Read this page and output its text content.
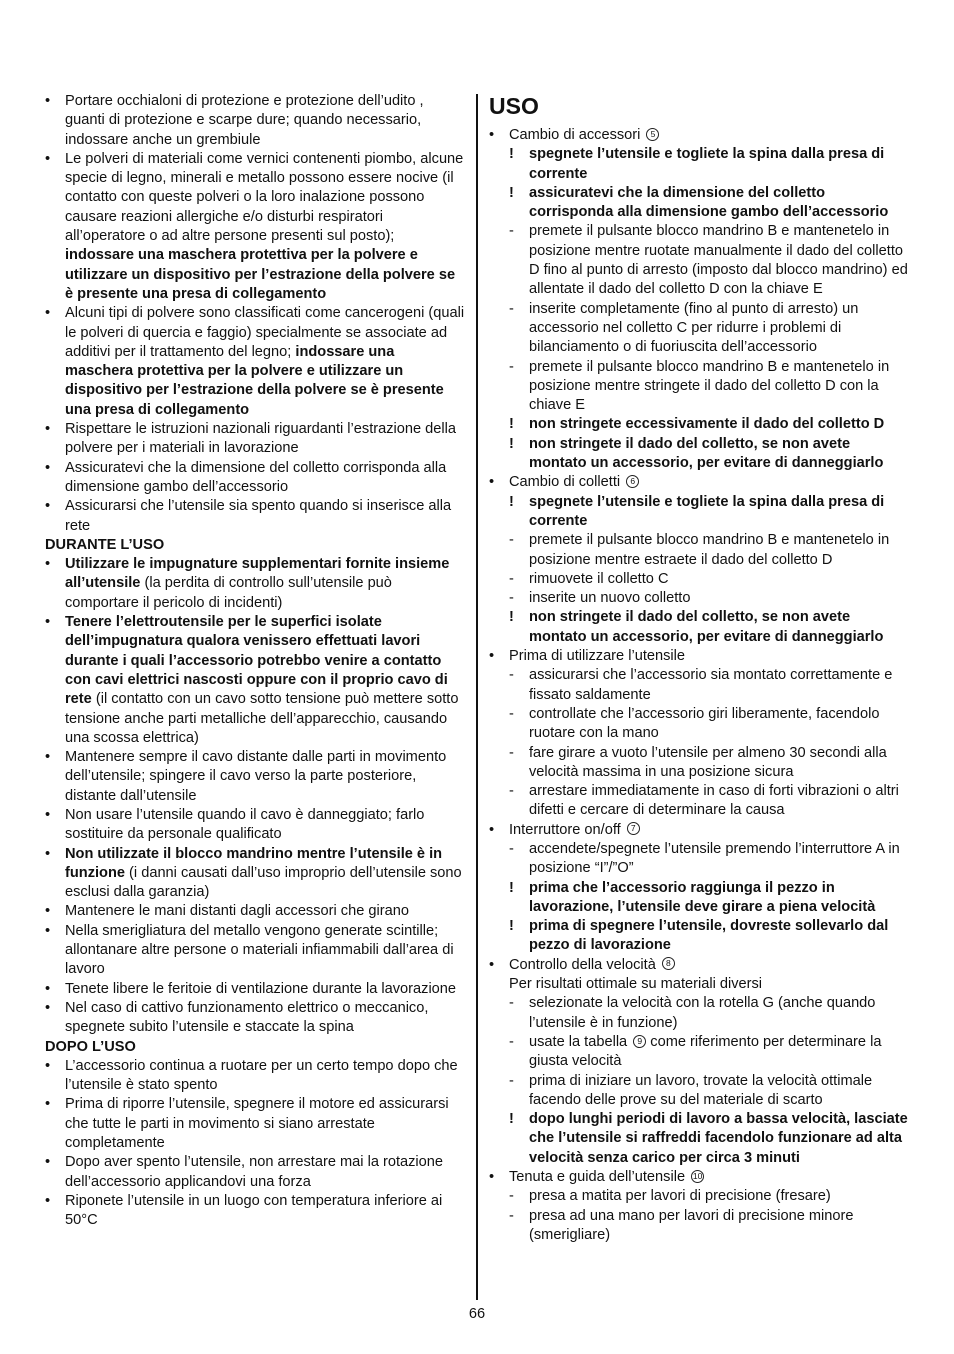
• Portare occhialoni di protezione e protezione dell’udito , guanti di protezione e scarpe dure; quando necessario, indossare anche un grembiule
• Le polveri di materiali come vernici contenenti piombo, alcune specie di legno, minerali e metallo possono essere nocive (il contatto con queste polveri o la loro inalazione possono causare reazioni allergiche e/o disturbi respiratori all’operatore o ad altre persone presenti sul posto); indossare una maschera protettiva per la polvere e utilizzare un dispositivo per l’estrazione della polvere se è presente una presa di collegamento
• Alcuni tipi di polvere sono classificati come cancerogeni (quali le polveri di quercia e faggio) specialmente se associate ad additivi per il trattamento del legno; indossare una maschera protettiva per la polvere e utilizzare un dispositivo per l’estrazione della polvere se è presente una presa di collegamento
• Rispettare le istruzioni nazionali riguardanti l’estrazione della polvere per i materiali in lavorazione
• Assicuratevi che la dimensione del colletto corrisponda alla dimensione gambo dell’accessorio
• Assicurarsi che l’utensile sia spento quando si inserisce alla rete
DURANTE L’USO
• Utilizzare le impugnature supplementari fornite insieme all’utensile (la perdita di controllo sull’utensile può comportare il pericolo di incidenti)
• Tenere l’elettroutensile per le superfici isolate dell’impugnatura qualora venissero effettuati lavori durante i quali l’accessorio potrebbo venire a contatto con cavi elettrici nascosti oppure con il proprio cavo di rete (il contatto con un cavo sotto tensione può mettere sotto tensione anche parti metalliche dell’apparecchio, causando una scossa elettrica)
• Mantenere sempre il cavo distante dalle parti in movimento dell’utensile; spingere il cavo verso la parte posteriore, distante dall’utensile
• Non usare l’utensile quando il cavo è danneggiato; farlo sostituire da personale qualificato
• Non utilizzate il blocco mandrino mentre l’utensile è in funzione (i danni causati dall’uso improprio dell’utensile sono esclusi dalla garanzia)
• Mantenere le mani distanti dagli accessori che girano
• Nella smerigliatura del metallo vengono generate scintille; allontanare altre persone o materiali infiammabili dall’area di lavoro
• Tenete libere le feritoie di ventilazione durante la lavorazione
• Nel caso di cattivo funzionamento elettrico o meccanico, spegnete subito l’utensile e staccate la spina
DOPO L’USO
• L’accessorio continua a ruotare per un certo tempo dopo che l’utensile è stato spento
• Prima di riporre l’utensile, spegnere il motore ed assicurarsi che tutte le parti in movimento si siano arrestate completamente
• Dopo aver spento l’utensile, non arrestare mai la rotazione dell’accessorio applicandovi una forza
• Riponete l’utensile in un luogo con temperatura inferiore ai 50°C
USO
• Cambio di accessori 5
! spegnete l’utensile e togliete la spina dalla presa di corrente
! assicuratevi che la dimensione del colletto corrisponda alla dimensione gambo dell’accessorio
- premete il pulsante blocco mandrino B e mantenetelo in posizione mentre ruotate manualmente il dado del colletto D fino al punto di arresto (imposto dal blocco mandrino) ed allentate il dado del colletto D con la chiave E
- inserite completamente (fino al punto di arresto) un accessorio nel colletto C per ridurre i problemi di bilanciamento o di fuoriuscita dell’accessorio
- premete il pulsante blocco mandrino B e mantenetelo in posizione mentre stringete il dado del colletto D con la chiave E
! non stringete eccessivamente il dado del colletto D
! non stringete il dado del colletto, se non avete montato un accessorio, per evitare di danneggiarlo
• Cambio di colletti 6
! spegnete l’utensile e togliete la spina dalla presa di corrente
- premete il pulsante blocco mandrino B e mantenetelo in posizione mentre estraete il dado del colletto D
- rimuovete il colletto C
- inserite un nuovo colletto
! non stringete il dado del colletto, se non avete montato un accessorio, per evitare di danneggiarlo
• Prima di utilizzare l’utensile
- assicurarsi che l’accessorio sia montato correttamente e fissato saldamente
- controllate che l’accessorio giri liberamente, facendolo ruotare con la mano
- fare girare a vuoto l’utensile per almeno 30 secondi alla velocità massima in una posizione sicura
- arrestare immediatamente in caso di forti vibrazioni o altri difetti e cercare di determinare la causa
• Interruttore on/off 7
- accendete/spegnete l’utensile premendo l’interruttore A in posizione “I”/”O”
! prima che l’accessorio raggiunga il pezzo in lavorazione, l’utensile deve girare a piena velocità
! prima di spegnere l’utensile, dovreste sollevarlo dal pezzo di lavorazione
• Controllo della velocità 8
Per risultati ottimale su materiali diversi
- selezionate la velocità con la rotella G (anche quando l’utensile è in funzione)
- usate la tabella 9 come riferimento per determinare la giusta velocità
- prima di iniziare un lavoro, trovate la velocità ottimale facendo delle prove su del materiale di scarto
! dopo lunghi periodi di lavoro a bassa velocità, lasciate che l’utensile si raffreddi facendolo funzionare ad alta velocità senza carico per circa 3 minuti
• Tenuta e guida dell’utensile 10
- presa a matita per lavori di precisione (fresare)
- presa ad una mano per lavori di precisione minore (smerigliare)
66
